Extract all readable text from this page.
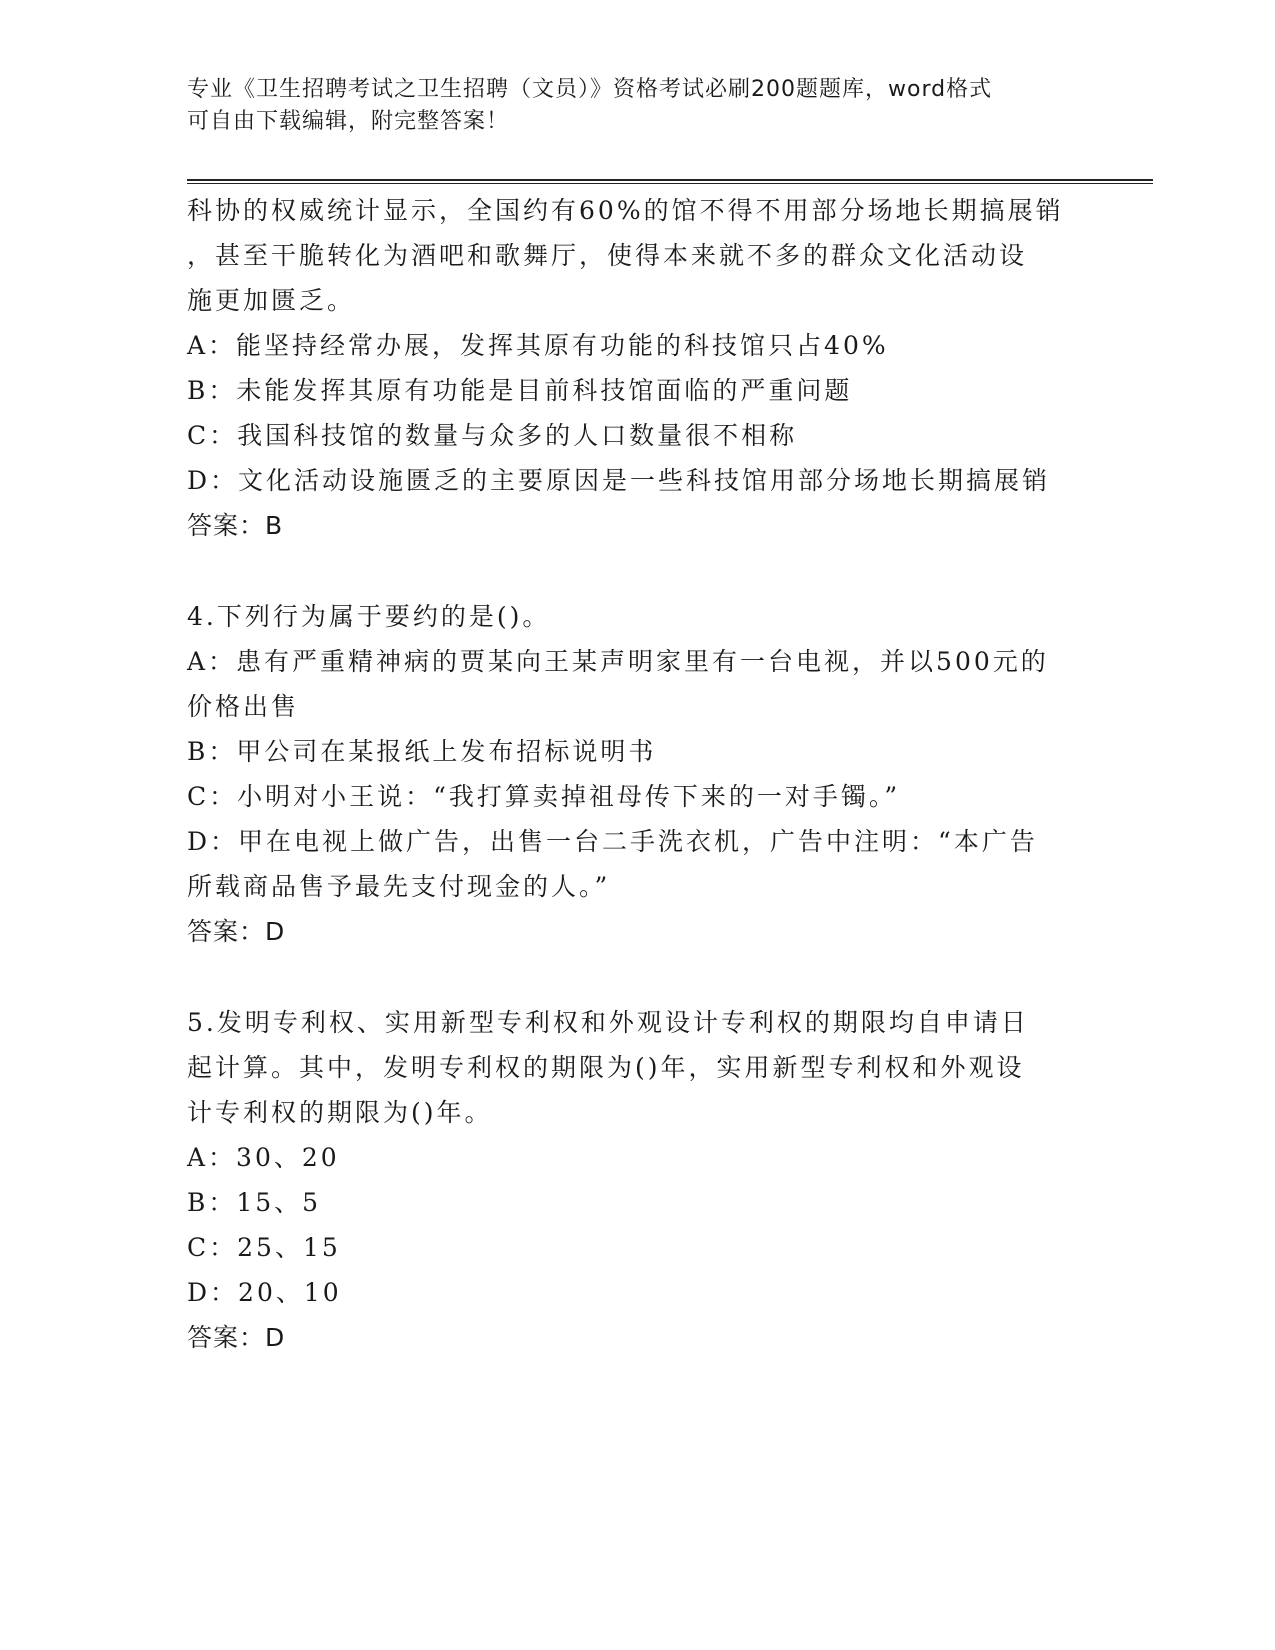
专业《卫生招聘考试之卫生招聘（文员）》资格考试必刷200题题库，word格式
可自由下载编辑，附完整答案！
科协的权威统计显示，全国约有60%的馆不得不用部分场地长期搞展销
，甚至干脆转化为酒吧和歌舞厅，使得本来就不多的群众文化活动设
施更加匮乏。
A：能坚持经常办展，发挥其原有功能的科技馆只占40%
B：未能发挥其原有功能是目前科技馆面临的严重问题
C：我国科技馆的数量与众多的人口数量很不相称
D：文化活动设施匮乏的主要原因是一些科技馆用部分场地长期搞展销
答案：B
4.下列行为属于要约的是()。
A：患有严重精神病的贾某向王某声明家里有一台电视，并以500元的
价格出售
B：甲公司在某报纸上发布招标说明书
C：小明对小王说：“我打算卖掉祖母传下来的一对手镯。”
D：甲在电视上做广告，出售一台二手洗衣机，广告中注明：“本广告
所载商品售予最先支付现金的人。”
答案：D
5.发明专利权、实用新型专利权和外观设计专利权的期限均自申请日
起计算。其中，发明专利权的期限为()年，实用新型专利权和外观设
计专利权的期限为()年。
A：30、20
B：15、5
C：25、15
D：20、10
答案：D
